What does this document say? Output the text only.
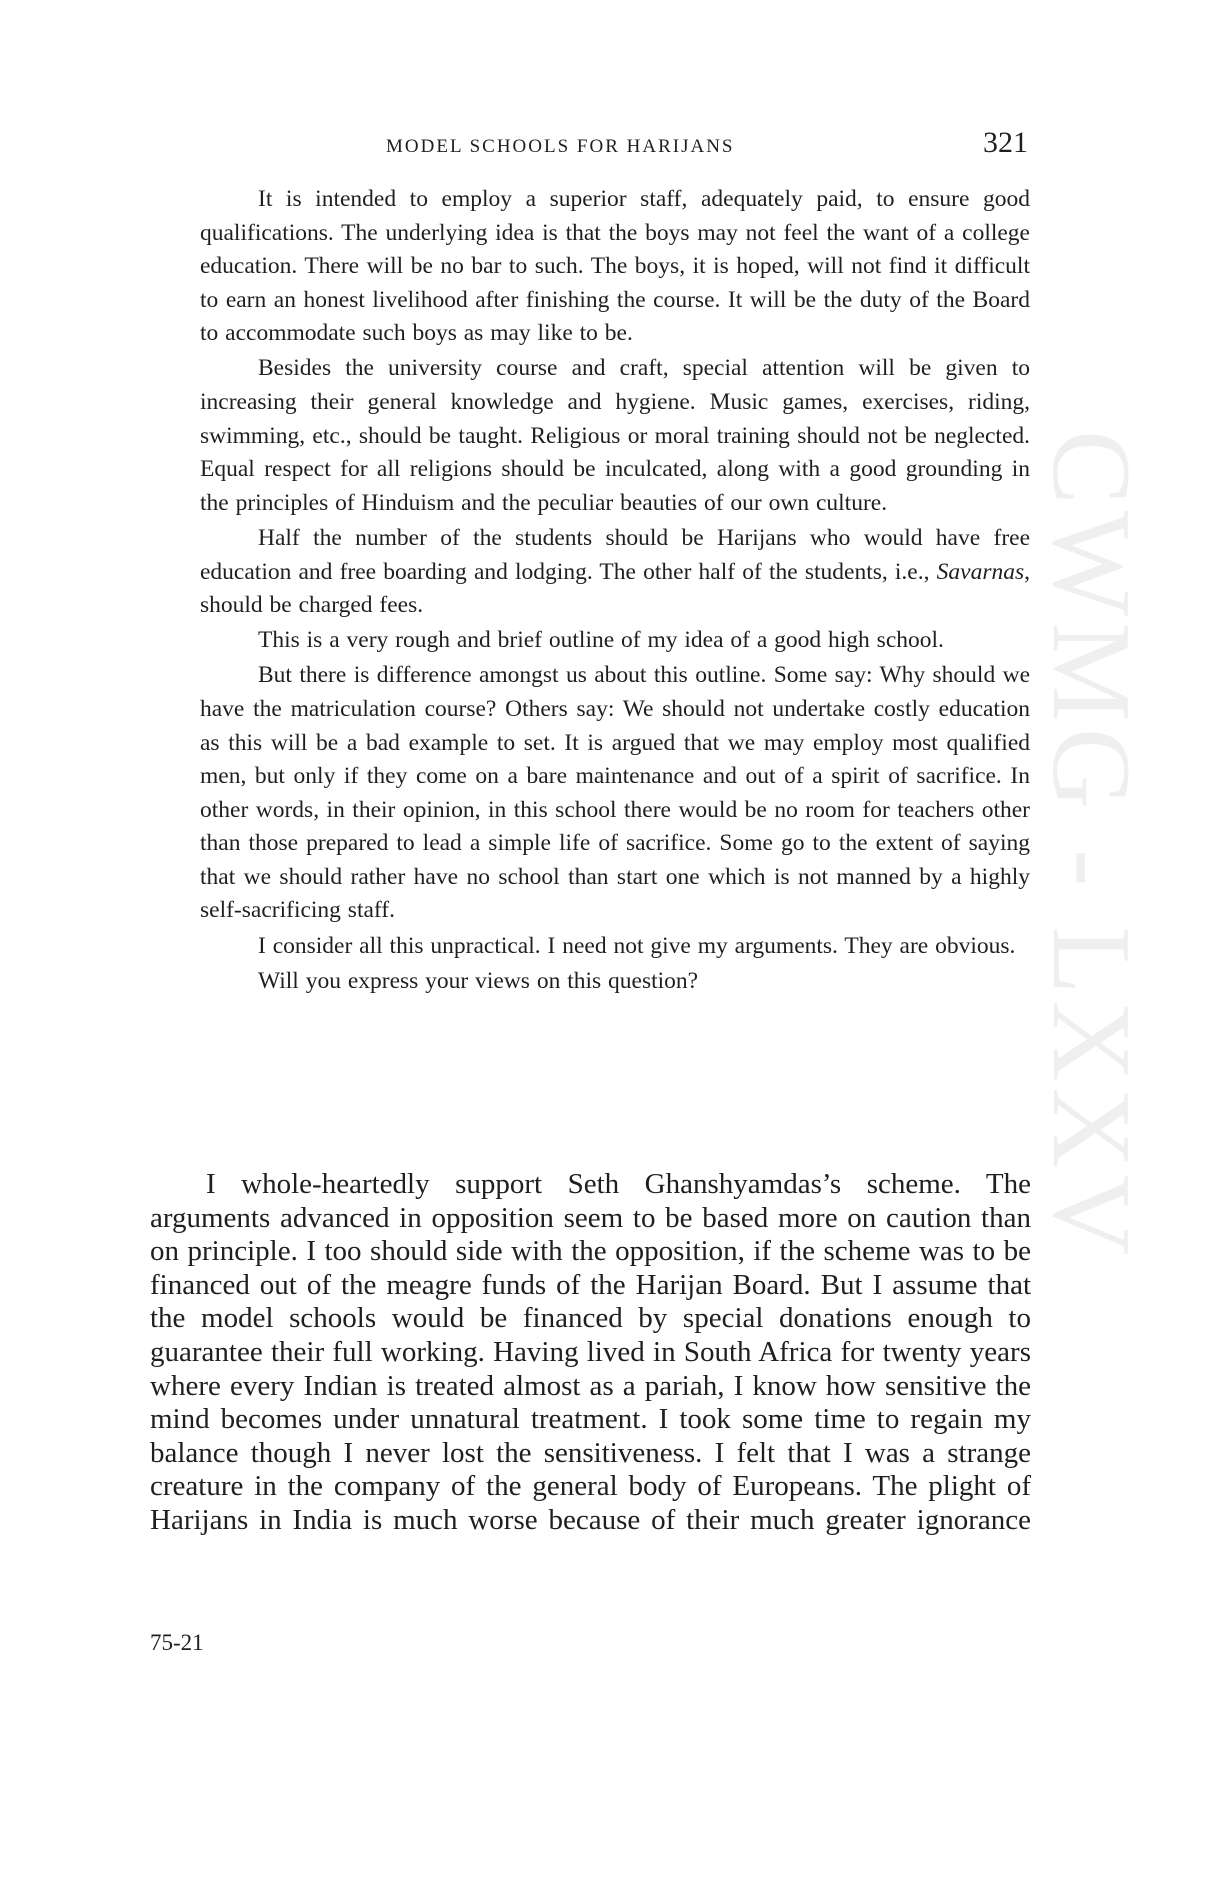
CWMG - LXXV
MODEL SCHOOLS FOR HARIJANS	321

It is intended to employ a superior staff, adequately paid, to ensure good qualifications. The underlying idea is that the boys may not feel the want of a college education. There will be no bar to such. The boys, it is hoped, will not find it difficult to earn an honest livelihood after finishing the course. It will be the duty of the Board to accommodate such boys as may like to be.

Besides the university course and craft, special attention will be given to increasing their general knowledge and hygiene. Music games, exercises, riding, swimming, etc., should be taught. Religious or moral training should not be neglected. Equal respect for all religions should be inculcated, along with a good grounding in the principles of Hinduism and the peculiar beauties of our own culture.

Half the number of the students should be Harijans who would have free education and free boarding and lodging. The other half of the students, i.e., Savarnas, should be charged fees.

This is a very rough and brief outline of my idea of a good high school.

But there is difference amongst us about this outline. Some say: Why should we have the matriculation course? Others say: We should not undertake costly education as this will be a bad example to set. It is argued that we may employ most qualified men, but only if they come on a bare maintenance and out of a spirit of sacrifice. In other words, in their opinion, in this school there would be no room for teachers other than those prepared to lead a simple life of sacrifice. Some go to the extent of saying that we should rather have no school than start one which is not manned by a highly self-sacrificing staff.

I consider all this unpractical. I need not give my arguments. They are obvious.

Will you express your views on this question?

I whole-heartedly support Seth Ghanshyamdas’s scheme. The arguments advanced in opposition seem to be based more on caution than on principle. I too should side with the opposition, if the scheme was to be financed out of the meagre funds of the Harijan Board. But I assume that the model schools would be financed by special donations enough to guarantee their full working. Having lived in South Africa for twenty years where every Indian is treated almost as a pariah, I know how sensitive the mind becomes under unnatural treatment. I took some time to regain my balance though I never lost the sensitiveness. I felt that I was a strange creature in the company of the general body of Europeans. The plight of Harijans in India is much worse because of their much greater ignorance

75-21
